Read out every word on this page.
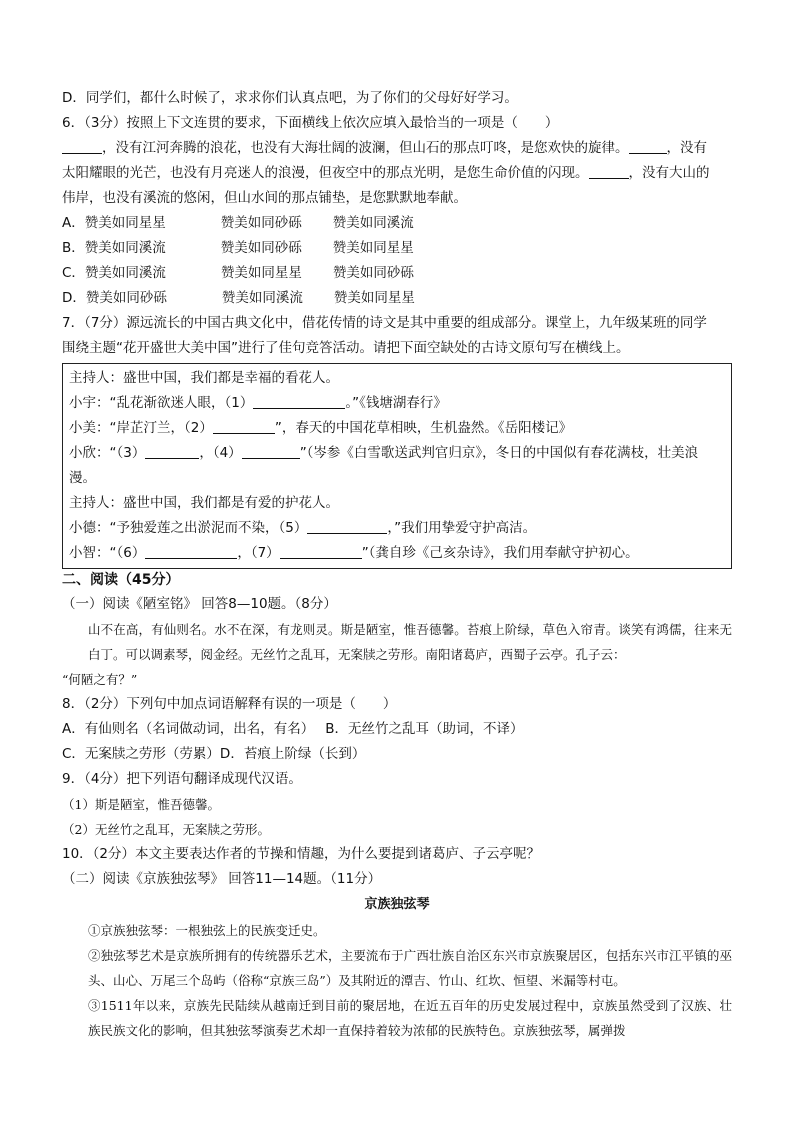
D．同学们，都什么时候了，求求你们认真点吧，为了你们的父母好好学习。
6．（3分）按照上下文连贯的要求，下面横线上依次应填入最恰当的一项是（　　）
，没有江河奔腾的浪花，也没有大海壮阔的波澜，但山石的那点叮咚，是您欢快的旋律。	，没有
太阳耀眼的光芒，也没有月亮迷人的浪漫，但夜空中的那点光明，是您生命价值的闪现。	，没有大山的
伟岸，也没有溪流的悠闲，但山水间的那点铺垫，是您默默地奉献。
A．赞美如同星星	赞美如同砂砾 赞美如同溪流
B．赞美如同溪流	赞美如同砂砾 赞美如同星星
C．赞美如同溪流	赞美如同星星 赞美如同砂砾
D．赞美如同砂砾	赞美如同溪流 赞美如同星星
7．（7分）源远流长的中国古典文化中，借花传情的诗文是其中重要的组成部分。课堂上，九年级某班的同学
围绕主题“花开盛世大美中国”进行了佳句竞答活动。请把下面空缺处的古诗文原句写在横线上。
主持人：盛世中国，我们都是幸福的看花人。
小宇：“乱花渐欲迷人眼，（1）	。”《钱塘湖春行》
小美：“岸芷汀兰，（2）	”，春天的中国花草相映，生机盎然。《岳阳楼记》
小欣：“（3）	，（4）	”（岑参《白雪歌送武判官归京》，冬日的中国似有春花满枝，壮美浪
漫。
主持人：盛世中国，我们都是有爱的护花人。
小德：“予独爱莲之出淤泥而不染，（5）	，”我们用挚爱守护高洁。
小智：“（6）	，（7）	”（龚自珍《己亥杂诗》，我们用奉献守护初心。
二、阅读（45分）
（一）阅读《陋室铭》 回答8—10题。（8分）
山不在高，有仙则名。水不在深，有龙则灵。斯是陋室，惟吾德馨。苔痕上阶绿，草色入帘青。谈笑有鸿儒，往来无白丁。可以调素琴，阅金经。无丝竹之乱耳，无案牍之劳形。南阳诸葛庐，西蜀子云亭。孔子云：
“何陋之有？”
8．（2分）下列句中加点词语解释有误的一项是（　　）
A．有仙则名（名词做动词，出名，有名）　 B．无丝竹之乱耳（助词，不译）
C．无案牍之劳形（劳累）D．苔痕上阶绿（长到）
9．（4分）把下列语句翻译成现代汉语。
（1）斯是陋室，惟吾德馨。
（2）无丝竹之乱耳，无案牍之劳形。
10．（2分）本文主要表达作者的节操和情趣，为什么要提到诸葛庐、子云亭呢？
（二）阅读《京族独弦琴》 回答11—14题。（11分）
京族独弦琴
①京族独弦琴：一根独弦上的民族变迁史。
②独弦琴艺术是京族所拥有的传统器乐艺术，主要流布于广西壮族自治区东兴市京族聚居区，包括东兴市江平镇的巫头、山心、万尾三个岛屿（俗称“京族三岛”）及其附近的潭吉、竹山、红坎、恒望、米漏等村屯。
③1511年以来，京族先民陆续从越南迁到目前的聚居地，在近五百年的历史发展过程中，京族虽然受到了汉族、壮族民族文化的影响，但其独弦琴演奏艺术却一直保持着较为浓郁的民族特色。京族独弦琴，属弹拨
